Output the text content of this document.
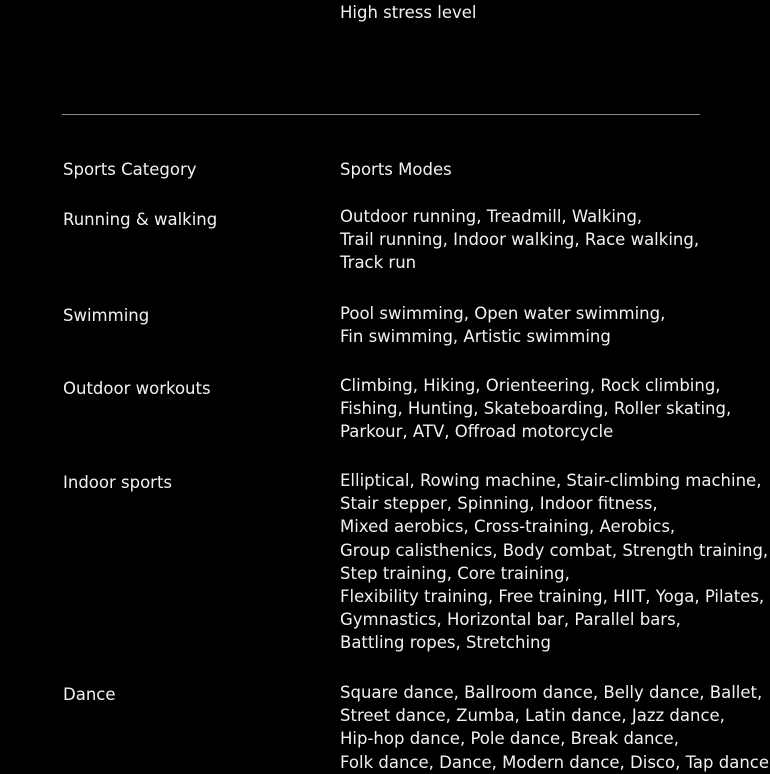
High stress level
Sports Category	Sports Modes
Running & walking	Outdoor running, Treadmill, Walking,
Trail running, Indoor walking, Race walking,
Track run
Swimming	Pool swimming, Open water swimming,
Fin swimming, Artistic swimming
Outdoor workouts	Climbing, Hiking, Orienteering, Rock climbing,
Fishing, Hunting, Skateboarding, Roller skating,
Parkour, ATV, Offroad motorcycle
Indoor sports	Elliptical, Rowing machine, Stair-climbing machine,
Stair stepper, Spinning, Indoor fitness,
Mixed aerobics, Cross-training, Aerobics,
Group calisthenics, Body combat, Strength training,
Step training, Core training,
Flexibility training, Free training, HIIT, Yoga, Pilates,
Gymnastics, Horizontal bar, Parallel bars,
Battling ropes, Stretching
Dance	Square dance, Ballroom dance, Belly dance, Ballet,
Street dance, Zumba, Latin dance, Jazz dance,
Hip-hop dance, Pole dance, Break dance,
Folk dance, Dance, Modern dance, Disco, Tap dance
